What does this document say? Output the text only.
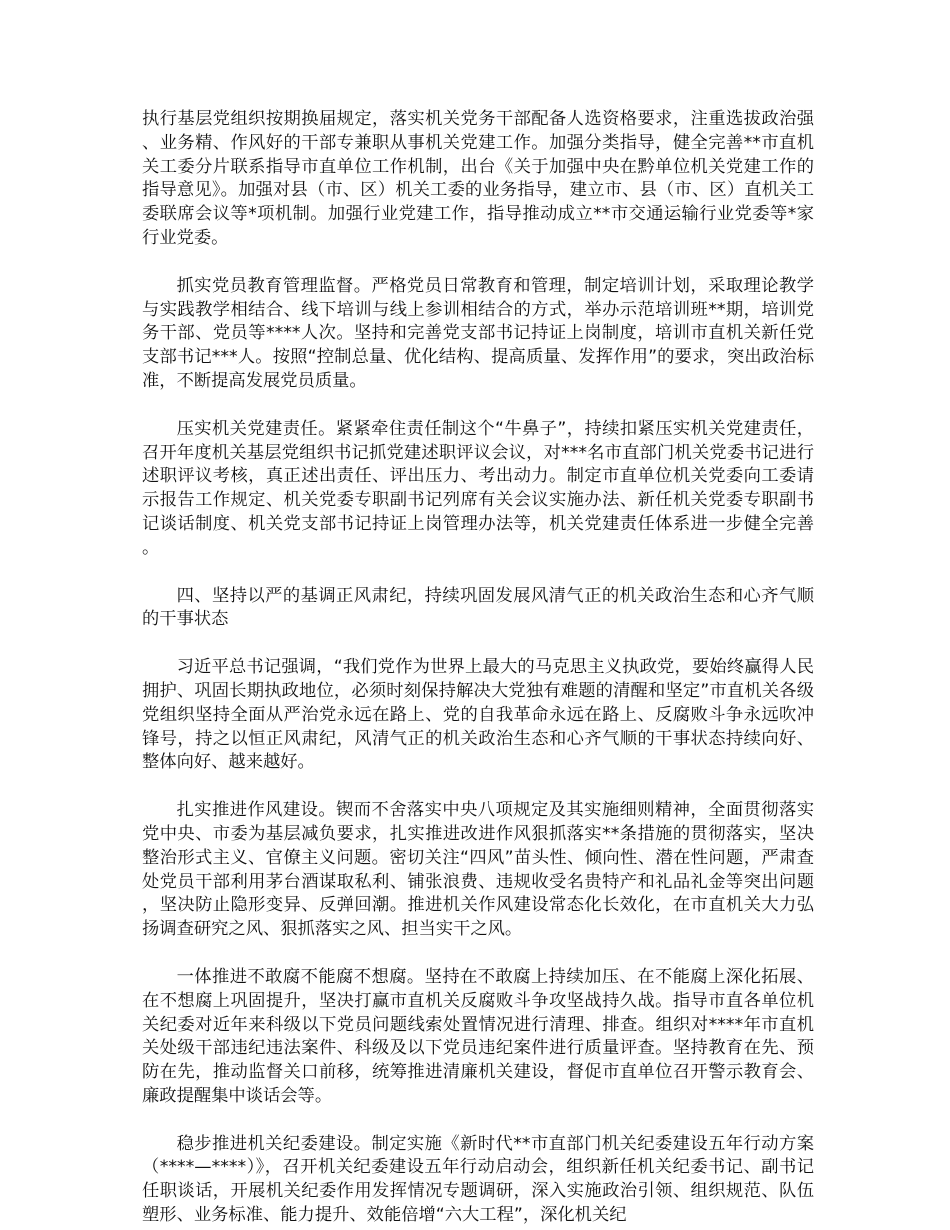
执行基层党组织按期换届规定，落实机关党务干部配备人选资格要求，注重选拔政治强、业务精、作风好的干部专兼职从事机关党建工作。加强分类指导，健全完善**市直机关工委分片联系指导市直单位工作机制，出台《关于加强中央在黔单位机关党建工作的指导意见》。加强对县（市、区）机关工委的业务指导，建立市、县（市、区）直机关工委联席会议等*项机制。加强行业党建工作，指导推动成立**市交通运输行业党委等*家行业党委。

抓实党员教育管理监督。严格党员日常教育和管理，制定培训计划，采取理论教学与实践教学相结合、线下培训与线上参训相结合的方式，举办示范培训班**期，培训党务干部、党员等****人次。坚持和完善党支部书记持证上岗制度，培训市直机关新任党支部书记***人。按照“控制总量、优化结构、提高质量、发挥作用”的要求，突出政治标准，不断提高发展党员质量。

压实机关党建责任。紧紧牵住责任制这个“牛鼻子”，持续扣紧压实机关党建责任，召开年度机关基层党组织书记抓党建述职评议会议，对***名市直部门机关党委书记进行述职评议考核，真正述出责任、评出压力、考出动力。制定市直单位机关党委向工委请示报告工作规定、机关党委专职副书记列席有关会议实施办法、新任机关党委专职副书记谈话制度、机关党支部书记持证上岗管理办法等，机关党建责任体系进一步健全完善。

四、坚持以严的基调正风肃纪，持续巩固发展风清气正的机关政治生态和心齐气顺的干事状态

习近平总书记强调，“我们党作为世界上最大的马克思主义执政党，要始终赢得人民拥护、巩固长期执政地位，必须时刻保持解决大党独有难题的清醒和坚定”市直机关各级党组织坚持全面从严治党永远在路上、党的自我革命永远在路上、反腐败斗争永远吹冲锋号，持之以恒正风肃纪，风清气正的机关政治生态和心齐气顺的干事状态持续向好、整体向好、越来越好。

扎实推进作风建设。锲而不舍落实中央八项规定及其实施细则精神，全面贯彻落实党中央、市委为基层减负要求，扎实推进改进作风狠抓落实**条措施的贯彻落实，坚决整治形式主义、官僚主义问题。密切关注“四风”苗头性、倾向性、潜在性问题，严肃查处党员干部利用茅台酒谋取私利、铺张浪费、违规收受名贵特产和礼品礼金等突出问题，坚决防止隐形变异、反弹回潮。推进机关作风建设常态化长效化，在市直机关大力弘扬调查研究之风、狠抓落实之风、担当实干之风。

一体推进不敢腐不能腐不想腐。坚持在不敢腐上持续加压、在不能腐上深化拓展、在不想腐上巩固提升，坚决打赢市直机关反腐败斗争攻坚战持久战。指导市直各单位机关纪委对近年来科级以下党员问题线索处置情况进行清理、排查。组织对****年市直机关处级干部违纪违法案件、科级及以下党员违纪案件进行质量评查。坚持教育在先、预防在先，推动监督关口前移，统筹推进清廉机关建设，督促市直单位召开警示教育会、廉政提醒集中谈话会等。

稳步推进机关纪委建设。制定实施《新时代**市直部门机关纪委建设五年行动方案（****—****）》，召开机关纪委建设五年行动启动会，组织新任机关纪委书记、副书记任职谈话，开展机关纪委作用发挥情况专题调研，深入实施政治引领、组织规范、队伍塑形、业务标准、能力提升、效能倍增“六大工程”，深化机关纪
